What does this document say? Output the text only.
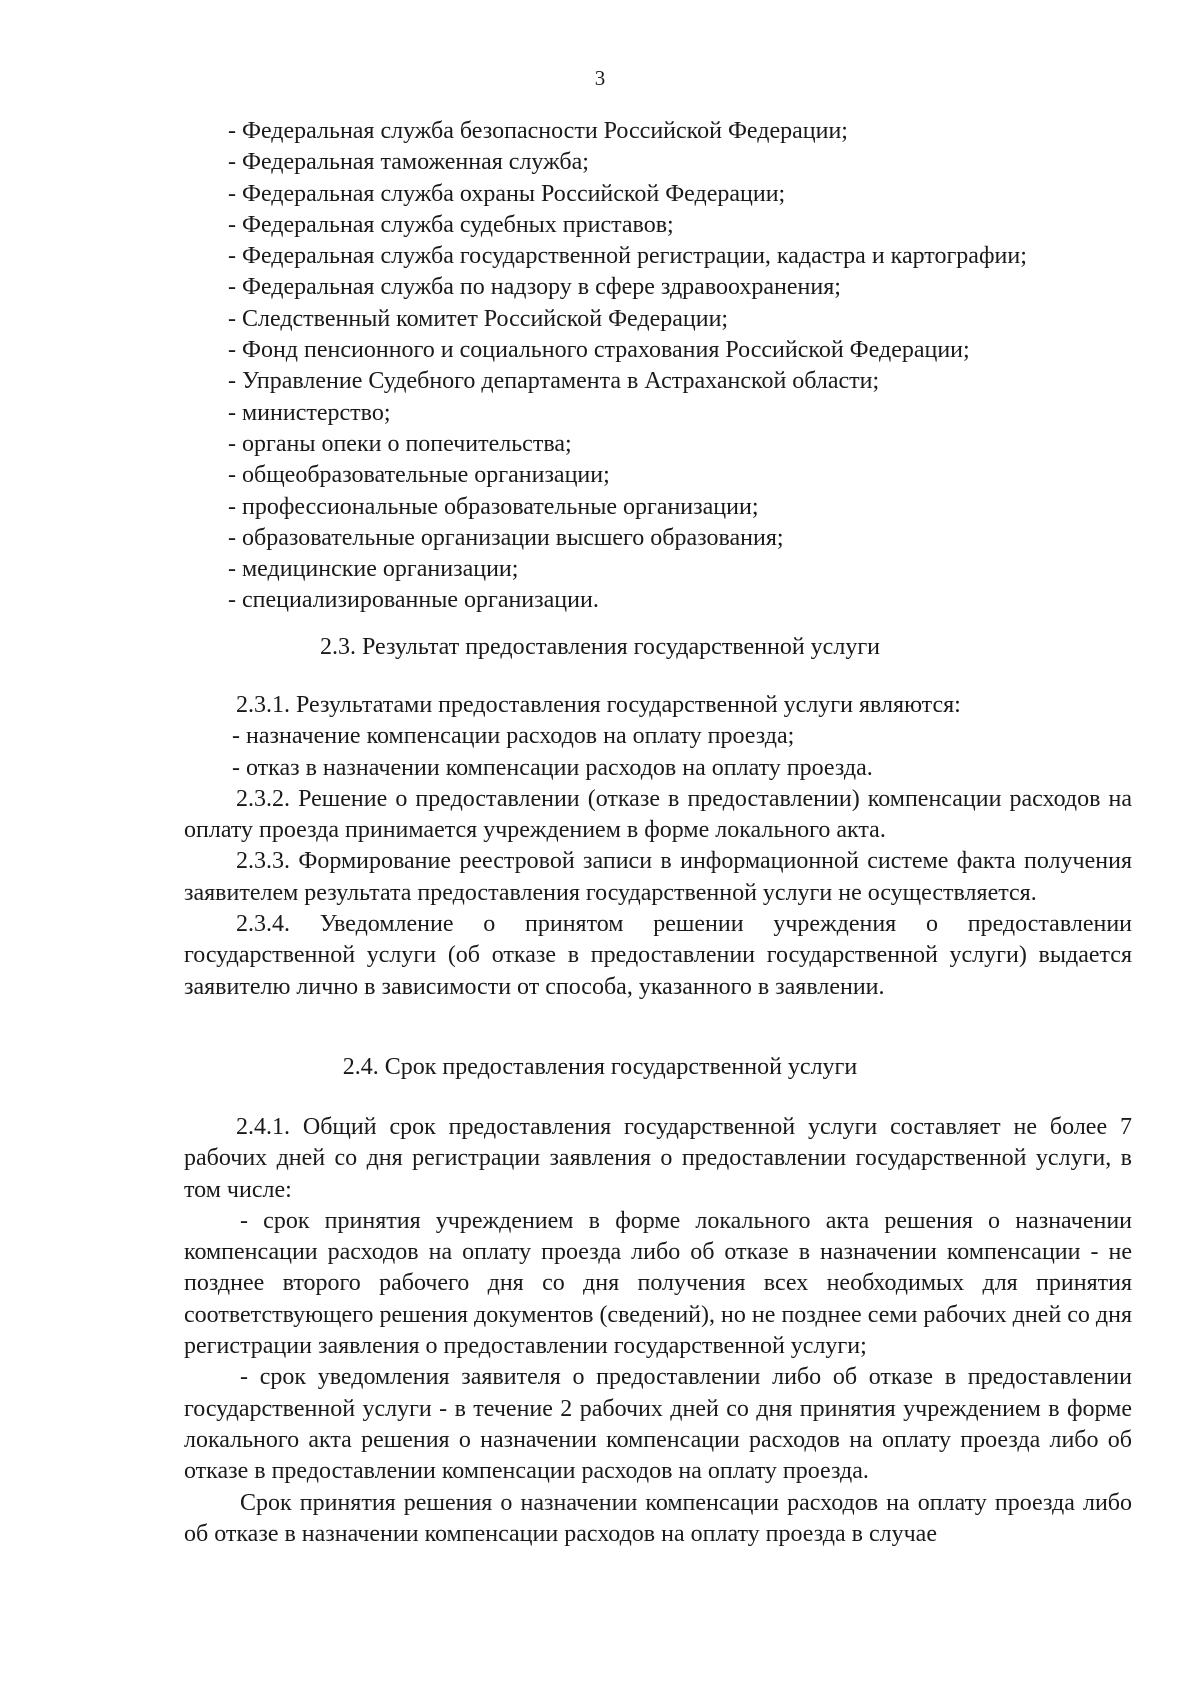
3
- Федеральная служба безопасности Российской Федерации;
- Федеральная таможенная служба;
- Федеральная служба охраны Российской Федерации;
- Федеральная служба судебных приставов;
- Федеральная служба государственной регистрации, кадастра и картографии;
- Федеральная служба по надзору в сфере здравоохранения;
- Следственный комитет Российской Федерации;
- Фонд пенсионного и социального страхования Российской Федерации;
- Управление Судебного департамента в Астраханской области;
- министерство;
- органы опеки о попечительства;
- общеобразовательные организации;
- профессиональные образовательные организации;
- образовательные организации высшего образования;
- медицинские организации;
- специализированные организации.
2.3. Результат предоставления государственной услуги
2.3.1. Результатами предоставления государственной услуги являются:
- назначение компенсации расходов на оплату проезда;
- отказ в назначении компенсации расходов на оплату проезда.

2.3.2. Решение о предоставлении (отказе в предоставлении) компенсации расходов на оплату проезда принимается учреждением в форме локального акта.

2.3.3. Формирование реестровой записи в информационной системе факта получения заявителем результата предоставления государственной услуги не осуществляется.

2.3.4. Уведомление о принятом решении учреждения о предоставлении государственной услуги (об отказе в предоставлении государственной услуги) выдается заявителю лично в зависимости от способа, указанного в заявлении.

2.4. Срок предоставления государственной услуги

2.4.1. Общий срок предоставления государственной услуги составляет не более 7 рабочих дней со дня регистрации заявления о предоставлении государственной услуги, в том числе:

- срок принятия учреждением в форме локального акта решения о назначении компенсации расходов на оплату проезда либо об отказе в назначении компенсации - не позднее второго рабочего дня со дня получения всех необходимых для принятия соответствующего решения документов (сведений), но не позднее семи рабочих дней со дня регистрации заявления о предоставлении государственной услуги;

- срок уведомления заявителя о предоставлении либо об отказе в предоставлении государственной услуги - в течение 2 рабочих дней со дня принятия учреждением в форме локального акта решения о назначении компенсации расходов на оплату проезда либо об отказе в предоставлении компенсации расходов на оплату проезда.

Срок принятия решения о назначении компенсации расходов на оплату проезда либо об отказе в назначении компенсации расходов на оплату проезда в случае
